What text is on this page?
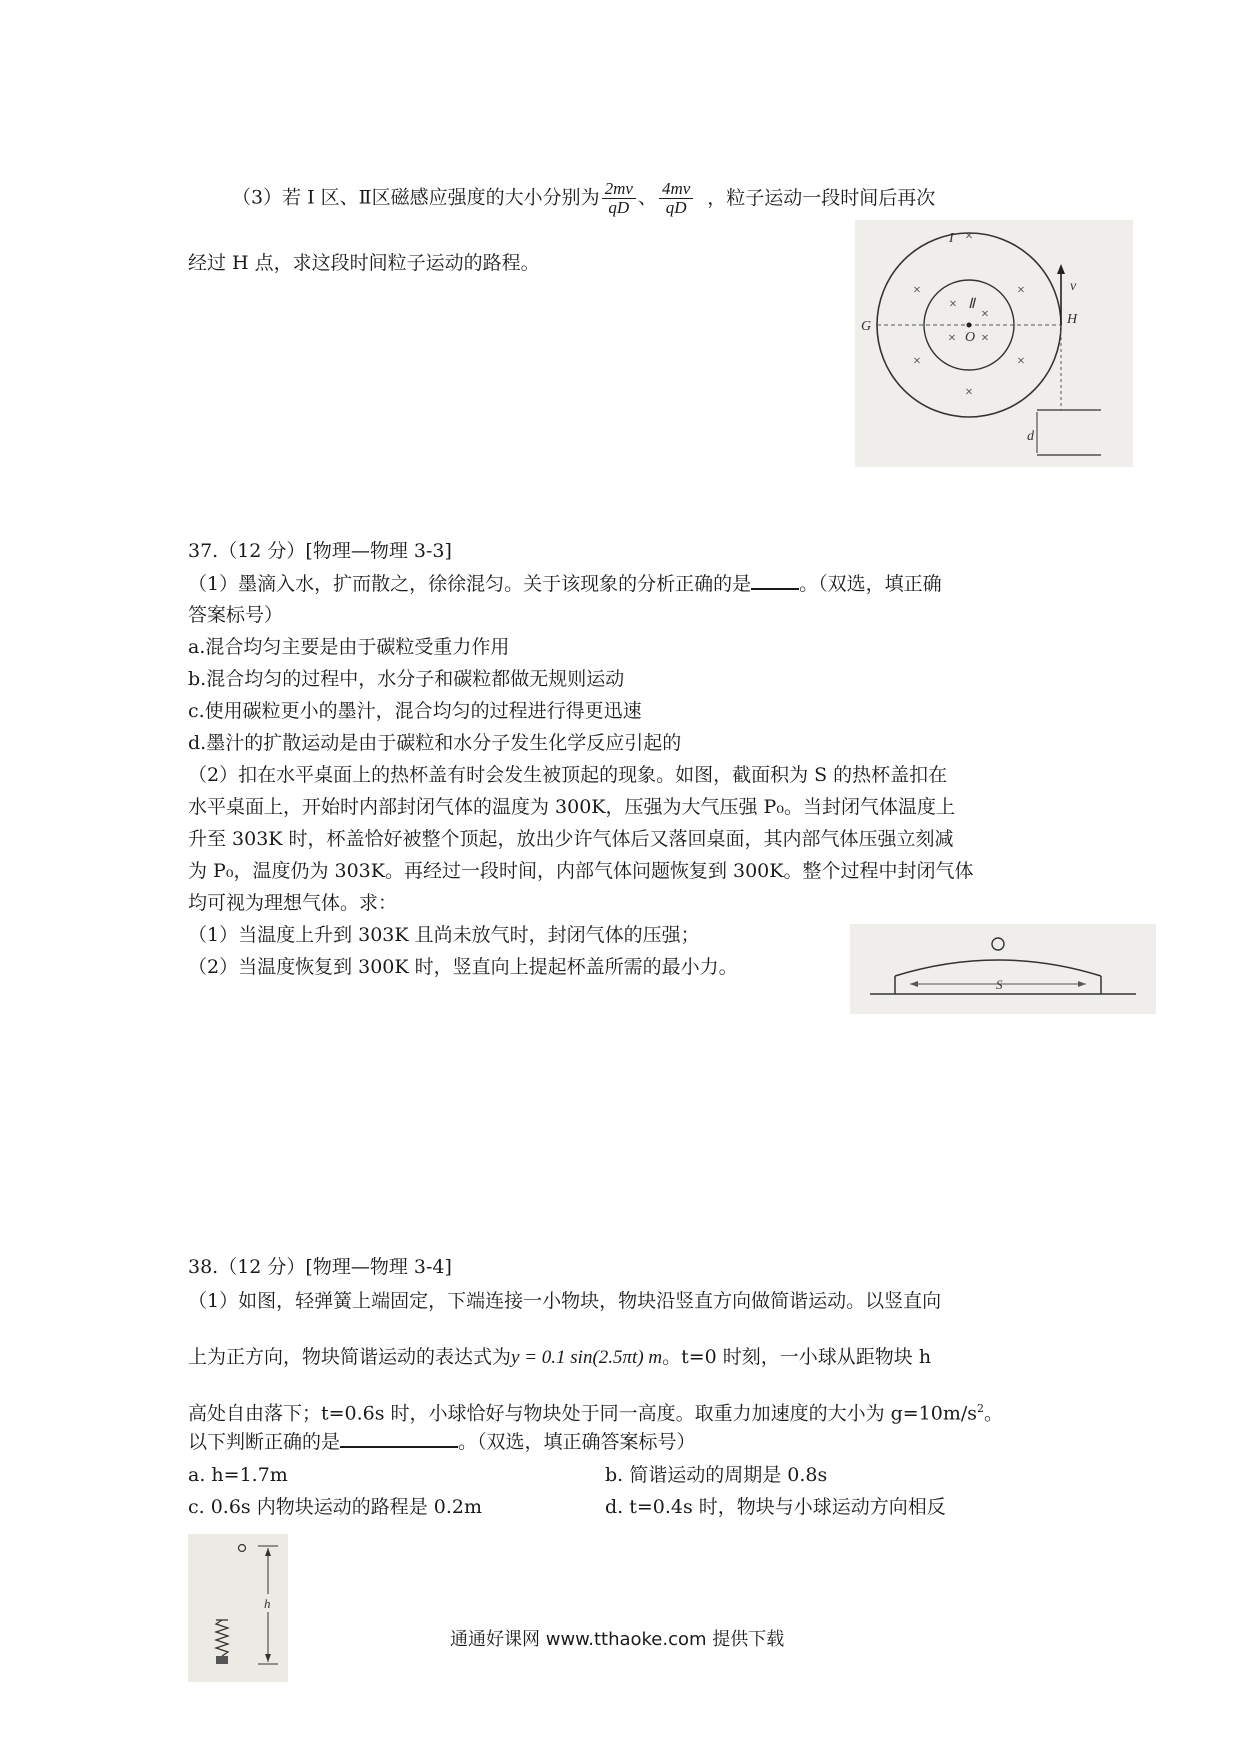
（3）若 I 区、Ⅱ区磁感应强度的大小分别为 $\frac{2mv}{qD}$ 、 $\frac{4mv}{qD}$ ，粒子运动一段时间后再次
经过 H 点，求这段时间粒子运动的路程。
×
×	×
×	×
×
×
×
× ×
I
Ⅱ
O
G	H
v
d
37.（12 分）[物理—物理 3-3]
（1）墨滴入水，扩而散之，徐徐混匀。关于该现象的分析正确的是	。（双选，填正确
答案标号）
a.混合均匀主要是由于碳粒受重力作用
b.混合均匀的过程中，水分子和碳粒都做无规则运动
c.使用碳粒更小的墨汁，混合均匀的过程进行得更迅速
d.墨汁的扩散运动是由于碳粒和水分子发生化学反应引起的
（2）扣在水平桌面上的热杯盖有时会发生被顶起的现象。如图，截面积为 S 的热杯盖扣在
水平桌面上，开始时内部封闭气体的温度为 300K，压强为大气压强 P₀。当封闭气体温度上
升至 303K 时，杯盖恰好被整个顶起，放出少许气体后又落回桌面，其内部气体压强立刻减
为 P₀，温度仍为 303K。再经过一段时间，内部气体问题恢复到 300K。整个过程中封闭气体
均可视为理想气体。求：
（1）当温度上升到 303K 且尚未放气时，封闭气体的压强；
（2）当温度恢复到 300K 时，竖直向上提起杯盖所需的最小力。
S
38.（12 分）[物理—物理 3-4]
（1）如图，轻弹簧上端固定，下端连接一小物块，物块沿竖直方向做简谐运动。以竖直向
上为正方向，物块简谐运动的表达式为y = 0.1 sin(2.5πt) m。t=0 时刻，一小球从距物块 h
高处自由落下；t=0.6s 时，小球恰好与物块处于同一高度。取重力加速度的大小为 $g=10m/s^2$。
以下判断正确的是	。（双选，填正确答案标号）
a. h=1.7m	b. 简谐运动的周期是 0.8s
c. 0.6s 内物块运动的路程是 0.2m	d. t=0.4s 时，物块与小球运动方向相反
h
通通好课网 www.tthaoke.com 提供下载
